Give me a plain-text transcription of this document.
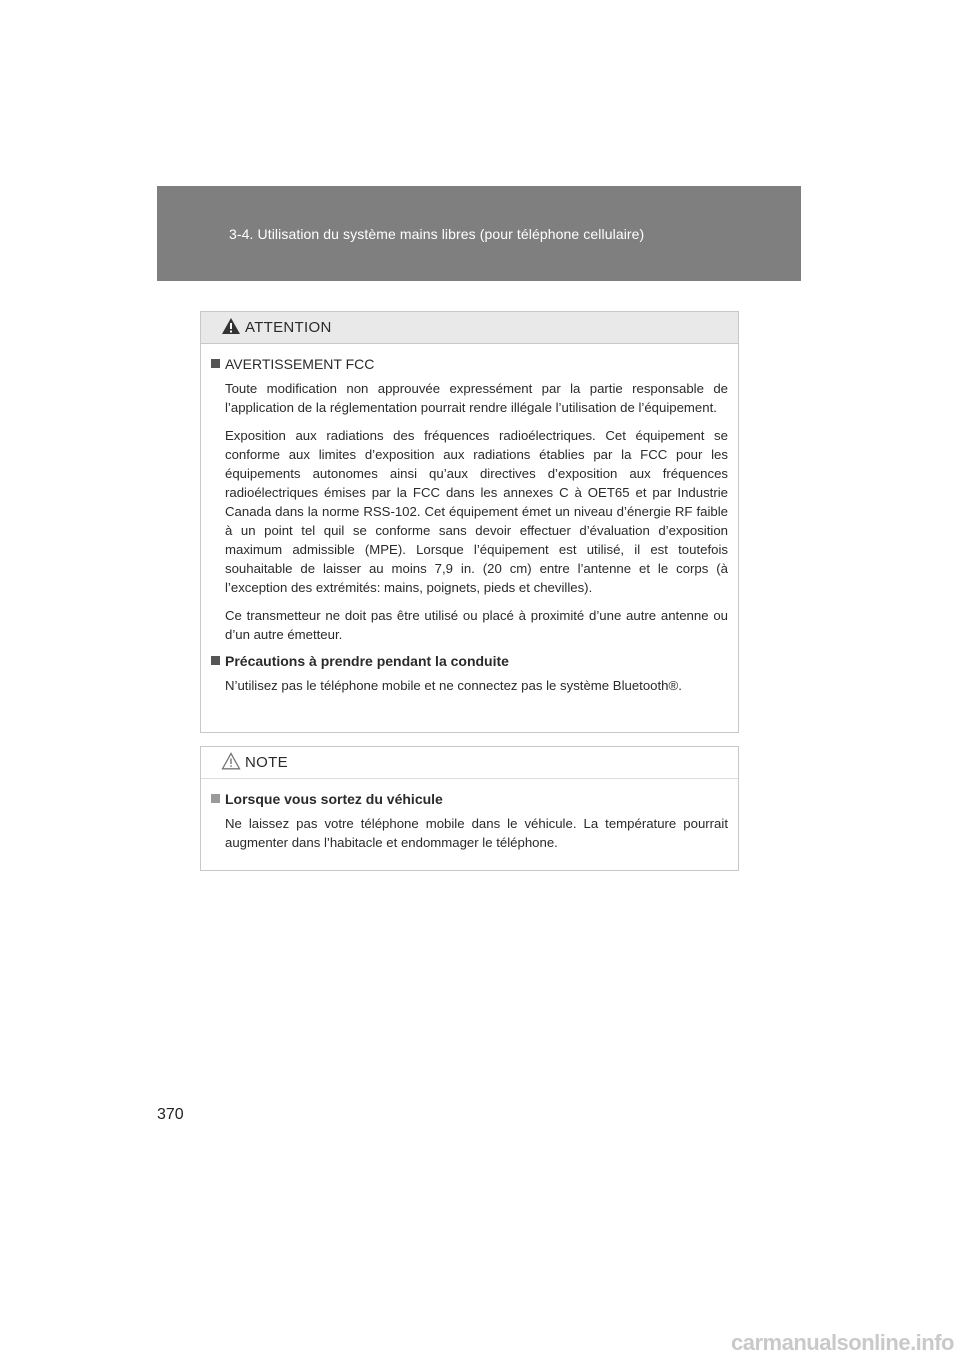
3-4. Utilisation du système mains libres (pour téléphone cellulaire)
ATTENTION
AVERTISSEMENT FCC

Toute modification non approuvée expressément par la partie responsable de l’application de la réglementation pourrait rendre illégale l’utilisation de l’équipement.

Exposition aux radiations des fréquences radioélectriques. Cet équipement se conforme aux limites d’exposition aux radiations établies par la FCC pour les équipements autonomes ainsi qu’aux directives d’exposition aux fréquences radioélectriques émises par la FCC dans les annexes C à OET65 et par Industrie Canada dans la norme RSS-102. Cet équipement émet un niveau d’énergie RF faible à un point tel quil se conforme sans devoir effectuer d’évaluation d’exposition maximum admissible (MPE). Lorsque l’équipement est utilisé, il est toutefois souhaitable de laisser au moins 7,9 in. (20 cm) entre l’antenne et le corps (à l’exception des extrémités: mains, poignets, pieds et chevilles).

Ce transmetteur ne doit pas être utilisé ou placé à proximité d’une autre antenne ou d’un autre émetteur.

Précautions à prendre pendant la conduite

N’utilisez pas le téléphone mobile et ne connectez pas le système Bluetooth®.

NOTE
Lorsque vous sortez du véhicule

Ne laissez pas votre téléphone mobile dans le véhicule. La température pourrait augmenter dans l’habitacle et endommager le téléphone.

370
carmanualsonline.info
